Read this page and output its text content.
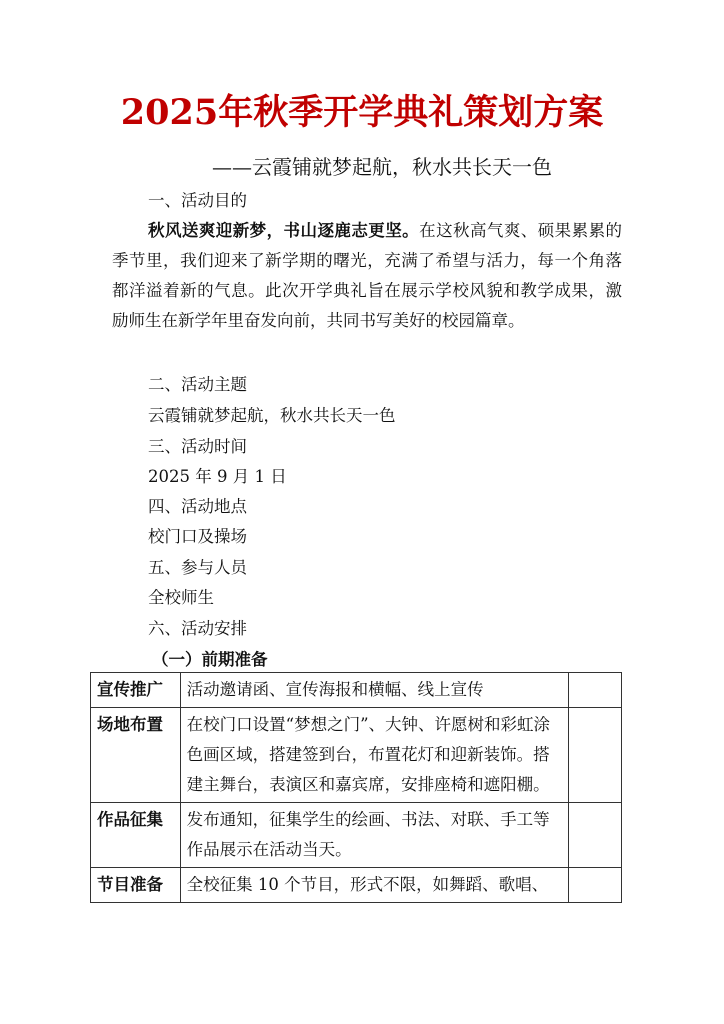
2025年秋季开学典礼策划方案
——云霞铺就梦起航，秋水共长天一色
一、活动目的
秋风送爽迎新梦，书山逐鹿志更坚。在这秋高气爽、硕果累累的季节里，我们迎来了新学期的曙光，充满了希望与活力，每一个角落都洋溢着新的气息。此次开学典礼旨在展示学校风貌和教学成果，激励师生在新学年里奋发向前，共同书写美好的校园篇章。
二、活动主题
云霞铺就梦起航，秋水共长天一色
三、活动时间
2025 年 9 月 1 日
四、活动地点
校门口及操场
五、参与人员
全校师生
六、活动安排
（一）前期准备
宣传推广	活动邀请函、宣传海报和横幅、线上宣传	
场地布置	在校门口设置“梦想之门”、大钟、许愿树和彩虹涂色画区域，搭建签到台，布置花灯和迎新装饰。搭建主舞台，表演区和嘉宾席，安排座椅和遮阳棚。	
作品征集	发布通知，征集学生的绘画、书法、对联、手工等作品展示在活动当天。	
节目准备	全校征集 10 个节目，形式不限，如舞蹈、歌唱、	
